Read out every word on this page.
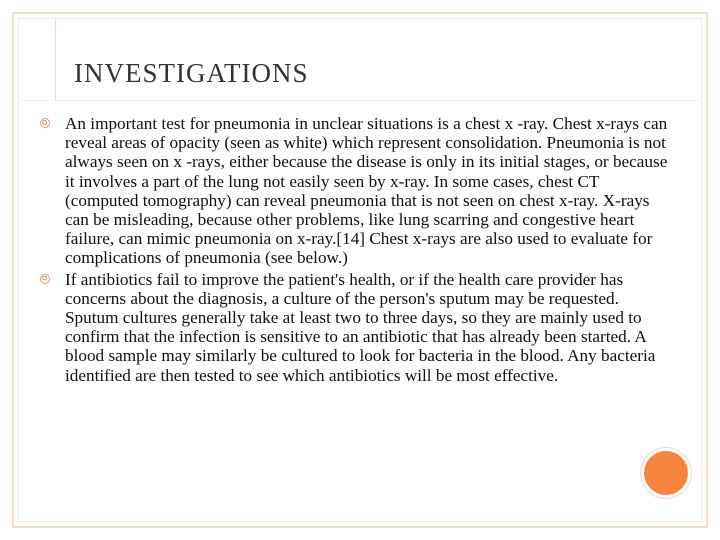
INVESTIGATIONS
An important test for pneumonia in unclear situations is a chest x -ray. Chest x-rays can reveal areas of opacity (seen as white) which represent consolidation. Pneumonia is not always seen on x -rays, either because the disease is only in its initial stages, or because it involves a part of the lung not easily seen by x-ray. In some cases, chest CT (computed tomography) can reveal pneumonia that is not seen on chest x-ray. X-rays can be misleading, because other problems, like lung scarring and congestive heart failure, can mimic pneumonia on x-ray.[14] Chest x-rays are also used to evaluate for complications of pneumonia (see below.)
If antibiotics fail to improve the patient's health, or if the health care provider has concerns about the diagnosis, a culture of the person's sputum may be requested. Sputum cultures generally take at least two to three days, so they are mainly used to confirm that the infection is sensitive to an antibiotic that has already been started. A blood sample may similarly be cultured to look for bacteria in the blood. Any bacteria identified are then tested to see which antibiotics will be most effective.
